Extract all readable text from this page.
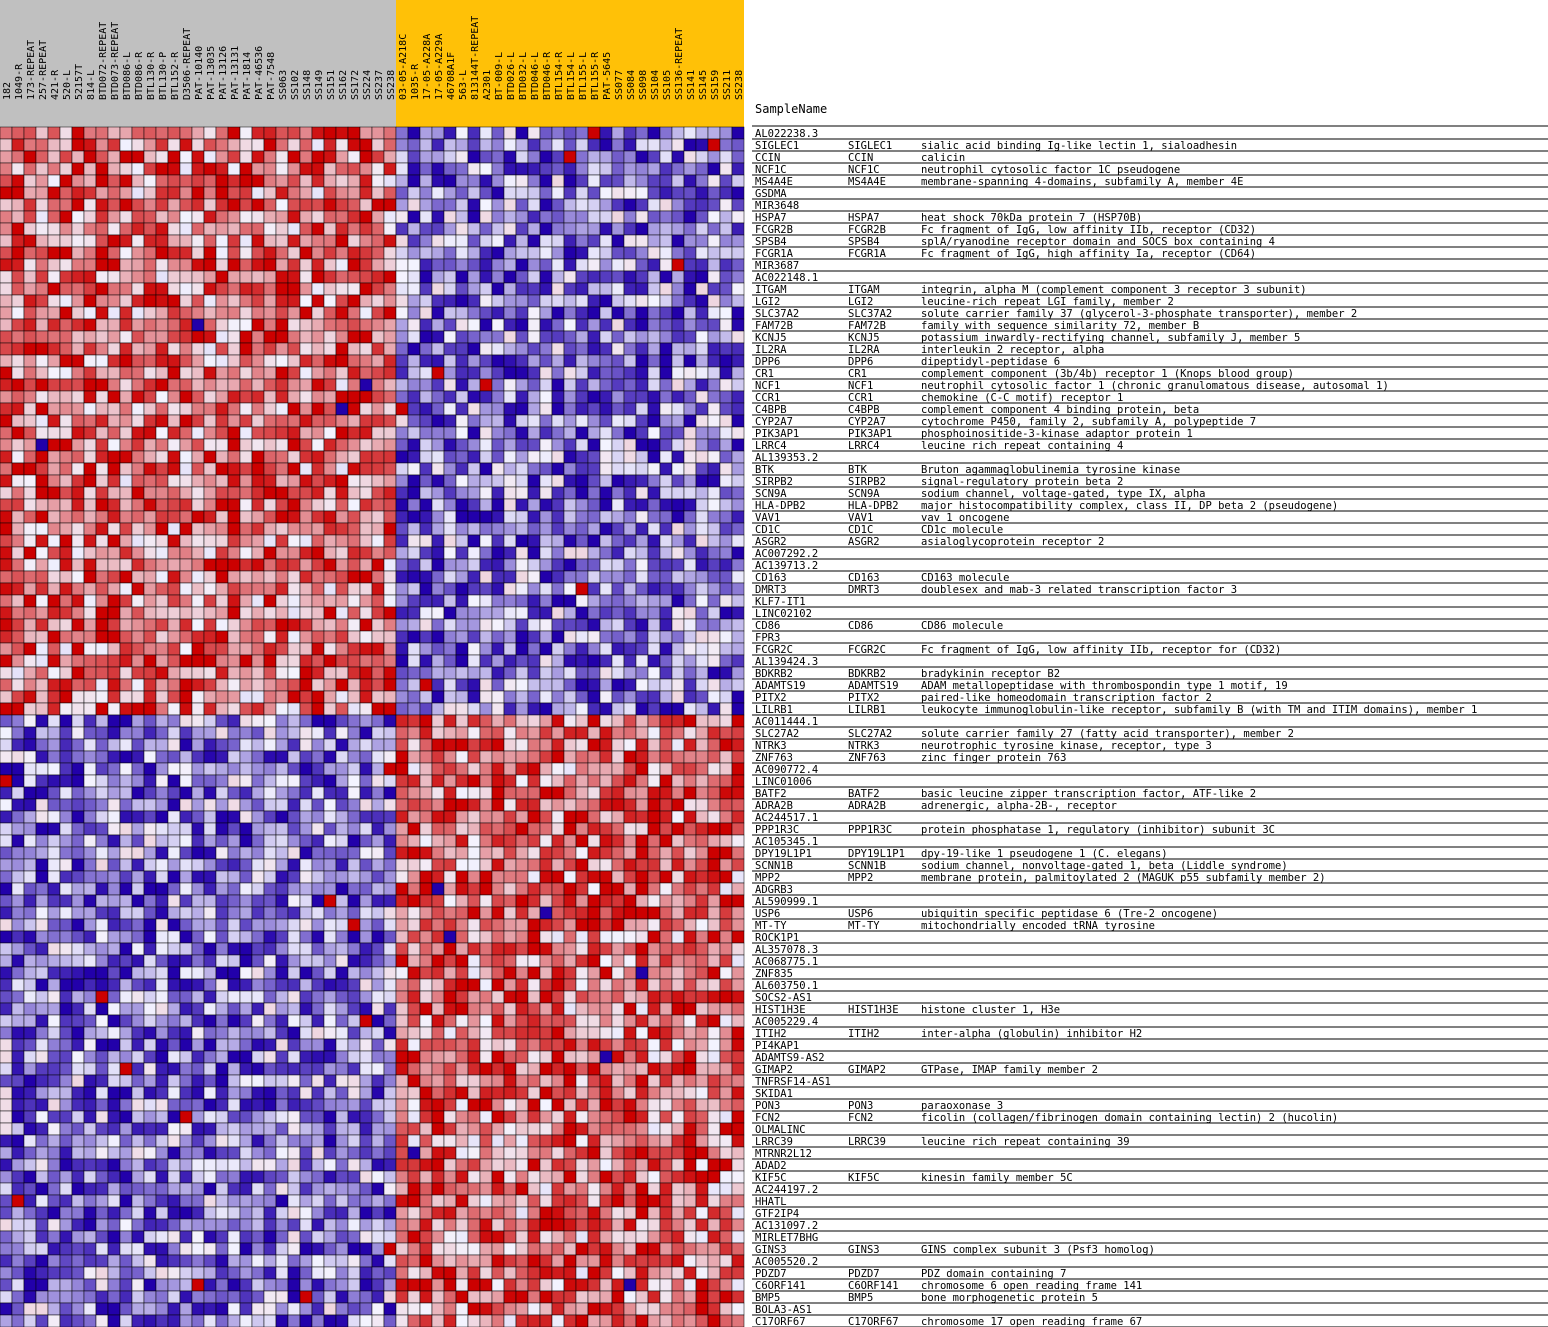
182 1049-R 173-REPEAT 257-REPEAT 421-R 520-L 52157T 814-L BTD072-REPEAT BTD073-REPEAT BTD086-L BTD086-R BTL130-R BTL130-P BTL152-R D3506-REPEAT PAT-10140 PAT-13035 PAT-13126 PAT-13131 PAT-1814 PAT-46536 PAT-7548 SS063 SS102 SS148 SS149 SS151 SS162 SS172 SS224 SS237 SS238 03-05-A218C 1035-R 17-05-A228A 17-05-A229A 46708A1F 563-L 813144T-REPEAT A2301 BT-009-L BTD026-L BTD032-L BTD046-L BTD046-R BTL154-R BTL154-L BTL155-L BTL155-R PAT-5645 SS077 SS084 SS098 SS104 SS105 SS136-REPEAT SS141 SS145 SS159 SS211 SS238
AL022238.3
SIGLEC1	SIGLEC1	sialic acid binding Ig-like lectin 1, sialoadhesin
CCIN	CCIN	calicin
NCF1C	NCF1C	neutrophil cytosolic factor 1C pseudogene
MS4A4E	MS4A4E	membrane-spanning 4-domains, subfamily A, member 4E
GSDMA
MIR3648
HSPA7	HSPA7	heat shock 70kDa protein 7 (HSP70B)
FCGR2B	FCGR2B	Fc fragment of IgG, low affinity IIb, receptor (CD32)
SPSB4	SPSB4	splA/ryanodine receptor domain and SOCS box containing 4
FCGR1A	FCGR1A	Fc fragment of IgG, high affinity Ia, receptor (CD64)
MIR3687
AC022148.1
ITGAM	ITGAM	integrin, alpha M (complement component 3 receptor 3 subunit)
LGI2	LGI2	leucine-rich repeat LGI family, member 2
SLC37A2	SLC37A2	solute carrier family 37 (glycerol-3-phosphate transporter), member 2
FAM72B	FAM72B	family with sequence similarity 72, member B
KCNJ5	KCNJ5	potassium inwardly-rectifying channel, subfamily J, member 5
IL2RA	IL2RA	interleukin 2 receptor, alpha
DPP6	DPP6	dipeptidyl-peptidase 6
CR1	CR1	complement component (3b/4b) receptor 1 (Knops blood group)
NCF1	NCF1	neutrophil cytosolic factor 1 (chronic granulomatous disease, autosomal 1)
CCR1	CCR1	chemokine (C-C motif) receptor 1
C4BPB	C4BPB	complement component 4 binding protein, beta
CYP2A7	CYP2A7	cytochrome P450, family 2, subfamily A, polypeptide 7
PIK3AP1	PIK3AP1	phosphoinositide-3-kinase adaptor protein 1
LRRC4	LRRC4	leucine rich repeat containing 4
AL139353.2
BTK	BTK	Bruton agammaglobulinemia tyrosine kinase
SIRPB2	SIRPB2	signal-regulatory protein beta 2
SCN9A	SCN9A	sodium channel, voltage-gated, type IX, alpha
HLA-DPB2	HLA-DPB2 major histocompatibility complex, class II, DP beta 2 (pseudogene)
VAV1	VAV1	vav 1 oncogene
CD1C	CD1C	CD1c molecule
ASGR2	ASGR2	asialoglycoprotein receptor 2
AC007292.2
AC139713.2
CD163	CD163	CD163 molecule
DMRT3	DMRT3	doublesex and mab-3 related transcription factor 3
KLF7-IT1
LINC02102
CD86	CD86	CD86 molecule
FPR3
FCGR2C	FCGR2C	Fc fragment of IgG, low affinity IIb, receptor for (CD32)
AL139424.3
BDKRB2	BDKRB2	bradykinin receptor B2
ADAMTS19	ADAMTS19 ADAM metallopeptidase with thrombospondin type 1 motif, 19
PITX2	PITX2	paired-like homeodomain transcription factor 2
LILRB1	LILRB1	leukocyte immunoglobulin-like receptor, subfamily B (with TM and ITIM domains), member 1
AC011444.1
SLC27A2	SLC27A2	solute carrier family 27 (fatty acid transporter), member 2
NTRK3	NTRK3	neurotrophic tyrosine kinase, receptor, type 3
ZNF763	ZNF763	zinc finger protein 763
AC090772.4
LINC01006
BATF2	BATF2	basic leucine zipper transcription factor, ATF-like 2
ADRA2B	ADRA2B	adrenergic, alpha-2B-, receptor
AC244517.1
PPP1R3C	PPP1R3C	protein phosphatase 1, regulatory (inhibitor) subunit 3C
AC105345.1
DPY19L1P1	DPY19L1P1 dpy-19-like 1 pseudogene 1 (C. elegans)
SCNN1B	SCNN1B	sodium channel, nonvoltage-gated 1, beta (Liddle syndrome)
MPP2	MPP2	membrane protein, palmitoylated 2 (MAGUK p55 subfamily member 2)
ADGRB3
AL590999.1
USP6	USP6	ubiquitin specific peptidase 6 (Tre-2 oncogene)
MT-TY	MT-TY	mitochondrially encoded tRNA tyrosine
ROCK1P1
AL357078.3
AC068775.1
ZNF835
AL603750.1
SOCS2-AS1
HIST1H3E	HIST1H3E histone cluster 1, H3e
AC005229.4
ITIH2	ITIH2	inter-alpha (globulin) inhibitor H2
PI4KAP1
ADAMTS9-AS2
GIMAP2	GIMAP2	GTPase, IMAP family member 2
TNFRSF14-AS1
SKIDA1
PON3	PON3	paraoxonase 3
FCN2	FCN2	ficolin (collagen/fibrinogen domain containing lectin) 2 (hucolin)
OLMALINC
LRRC39	LRRC39	leucine rich repeat containing 39
MTRNR2L12
ADAD2
KIF5C	KIF5C	kinesin family member 5C
AC244197.2
HHATL
GTF2IP4
AC131097.2
MIRLET7BHG
GINS3	GINS3	GINS complex subunit 3 (Psf3 homolog)
AC005520.2
PDZD7	PDZD7	PDZ domain containing 7
C6ORF141	C6ORF141 chromosome 6 open reading frame 141
BMP5	BMP5	bone morphogenetic protein 5
BOLA3-AS1
C17ORF67	C17ORF67 chromosome 17 open reading frame 67
SampleName
